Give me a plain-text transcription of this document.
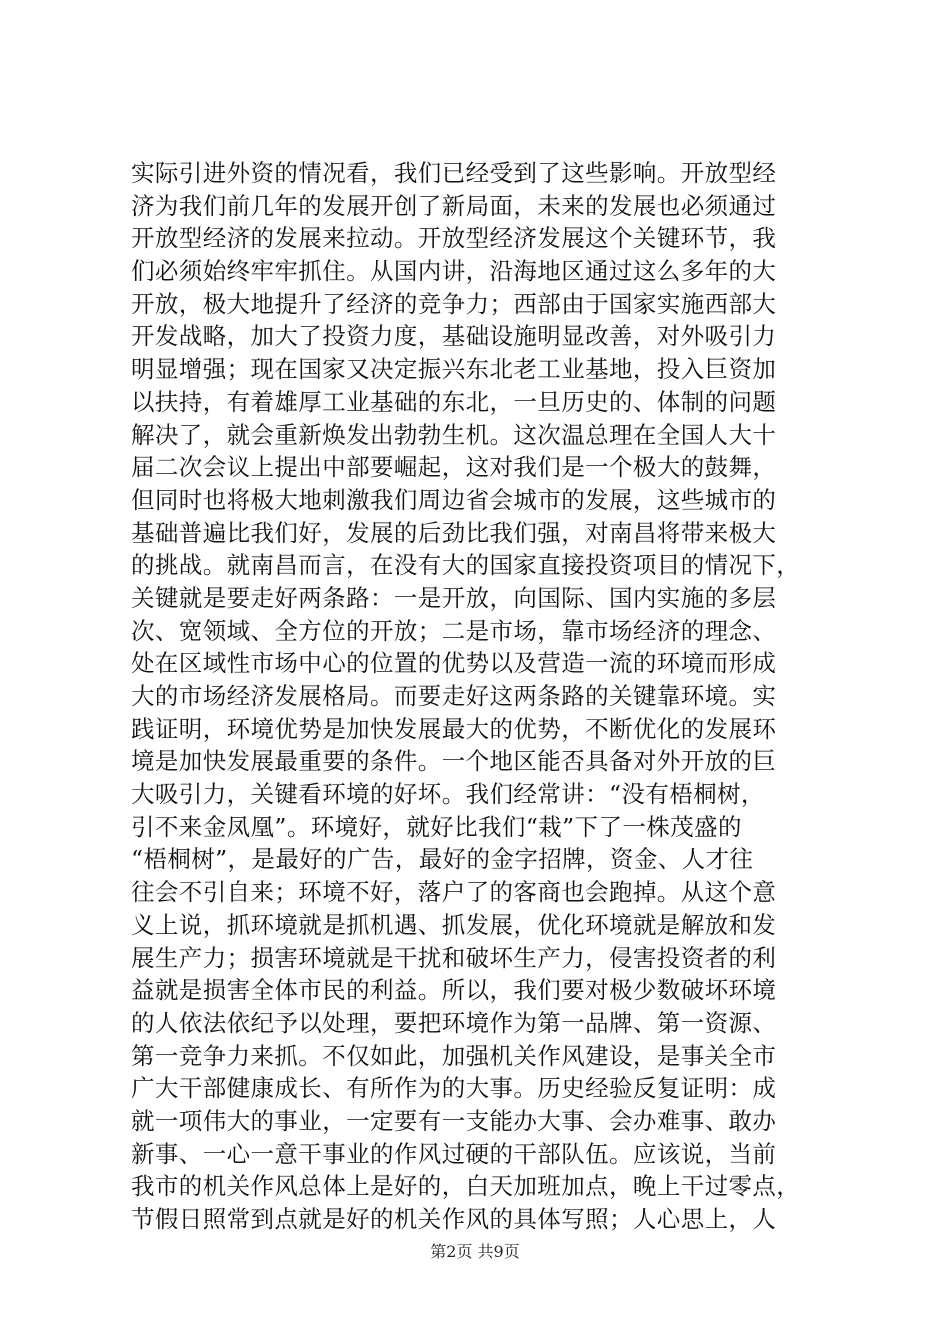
实际引进外资的情况看，我们已经受到了这些影响。开放型经
济为我们前几年的发展开创了新局面，未来的发展也必须通过
开放型经济的发展来拉动。开放型经济发展这个关键环节，我
们必须始终牢牢抓住。从国内讲，沿海地区通过这么多年的大
开放，极大地提升了经济的竞争力；西部由于国家实施西部大
开发战略，加大了投资力度，基础设施明显改善，对外吸引力
明显增强；现在国家又决定振兴东北老工业基地，投入巨资加
以扶持，有着雄厚工业基础的东北，一旦历史的、体制的问题
解决了，就会重新焕发出勃勃生机。这次温总理在全国人大十
届二次会议上提出中部要崛起，这对我们是一个极大的鼓舞，
但同时也将极大地刺激我们周边省会城市的发展，这些城市的
基础普遍比我们好，发展的后劲比我们强，对南昌将带来极大
的挑战。就南昌而言，在没有大的国家直接投资项目的情况下，
关键就是要走好两条路：一是开放，向国际、国内实施的多层
次、宽领域、全方位的开放；二是市场，靠市场经济的理念、
处在区域性市场中心的位置的优势以及营造一流的环境而形成
大的市场经济发展格局。而要走好这两条路的关键靠环境。实
践证明，环境优势是加快发展最大的优势，不断优化的发展环
境是加快发展最重要的条件。一个地区能否具备对外开放的巨
大吸引力，关键看环境的好坏。我们经常讲：“没有梧桐树，
引不来金凤凰”。环境好，就好比我们“栽”下了一株茂盛的
“梧桐树”，是最好的广告，最好的金字招牌，资金、人才往
往会不引自来；环境不好，落户了的客商也会跑掉。从这个意
义上说，抓环境就是抓机遇、抓发展，优化环境就是解放和发
展生产力；损害环境就是干扰和破坏生产力，侵害投资者的利
益就是损害全体市民的利益。所以，我们要对极少数破坏环境
的人依法依纪予以处理，要把环境作为第一品牌、第一资源、
第一竞争力来抓。不仅如此，加强机关作风建设，是事关全市
广大干部健康成长、有所作为的大事。历史经验反复证明：成
就一项伟大的事业，一定要有一支能办大事、会办难事、敢办
新事、一心一意干事业的作风过硬的干部队伍。应该说，当前
我市的机关作风总体上是好的，白天加班加点，晚上干过零点，
节假日照常到点就是好的机关作风的具体写照；人心思上，人
第2页 共9页
